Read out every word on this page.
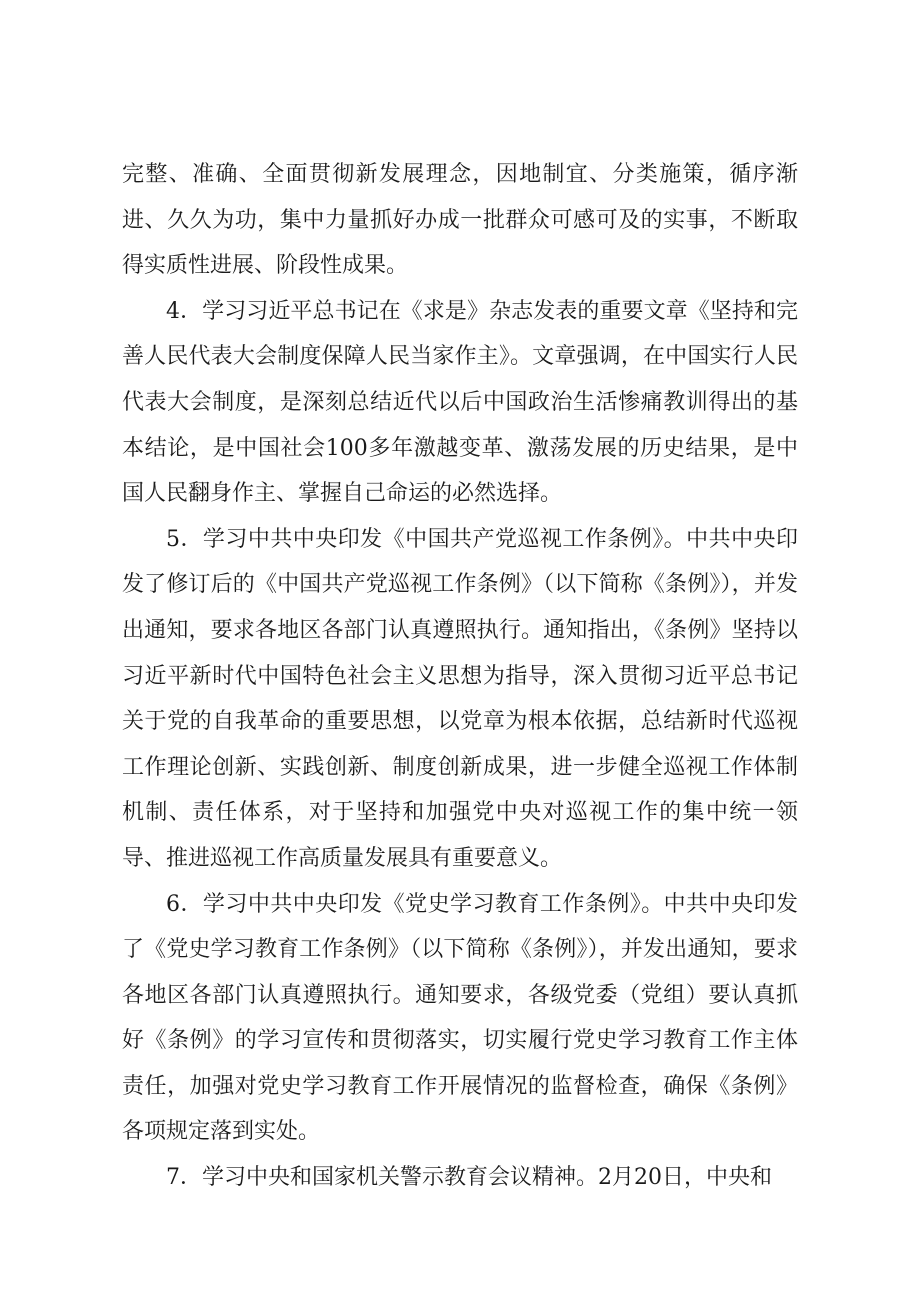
完整、准确、全面贯彻新发展理念，因地制宜、分类施策，循序渐进、久久为功，集中力量抓好办成一批群众可感可及的实事，不断取得实质性进展、阶段性成果。

4．学习习近平总书记在《求是》杂志发表的重要文章《坚持和完善人民代表大会制度保障人民当家作主》。文章强调，在中国实行人民代表大会制度，是深刻总结近代以后中国政治生活惨痛教训得出的基本结论，是中国社会100多年激越变革、激荡发展的历史结果，是中国人民翻身作主、掌握自己命运的必然选择。

5．学习中共中央印发《中国共产党巡视工作条例》。中共中央印发了修订后的《中国共产党巡视工作条例》（以下简称《条例》），并发出通知，要求各地区各部门认真遵照执行。通知指出，《条例》坚持以习近平新时代中国特色社会主义思想为指导，深入贯彻习近平总书记关于党的自我革命的重要思想，以党章为根本依据，总结新时代巡视工作理论创新、实践创新、制度创新成果，进一步健全巡视工作体制机制、责任体系，对于坚持和加强党中央对巡视工作的集中统一领导、推进巡视工作高质量发展具有重要意义。

6．学习中共中央印发《党史学习教育工作条例》。中共中央印发了《党史学习教育工作条例》（以下简称《条例》），并发出通知，要求各地区各部门认真遵照执行。通知要求，各级党委（党组）要认真抓好《条例》的学习宣传和贯彻落实，切实履行党史学习教育工作主体责任，加强对党史学习教育工作开展情况的监督检查，确保《条例》各项规定落到实处。

7．学习中央和国家机关警示教育会议精神。2月20日，中央和
